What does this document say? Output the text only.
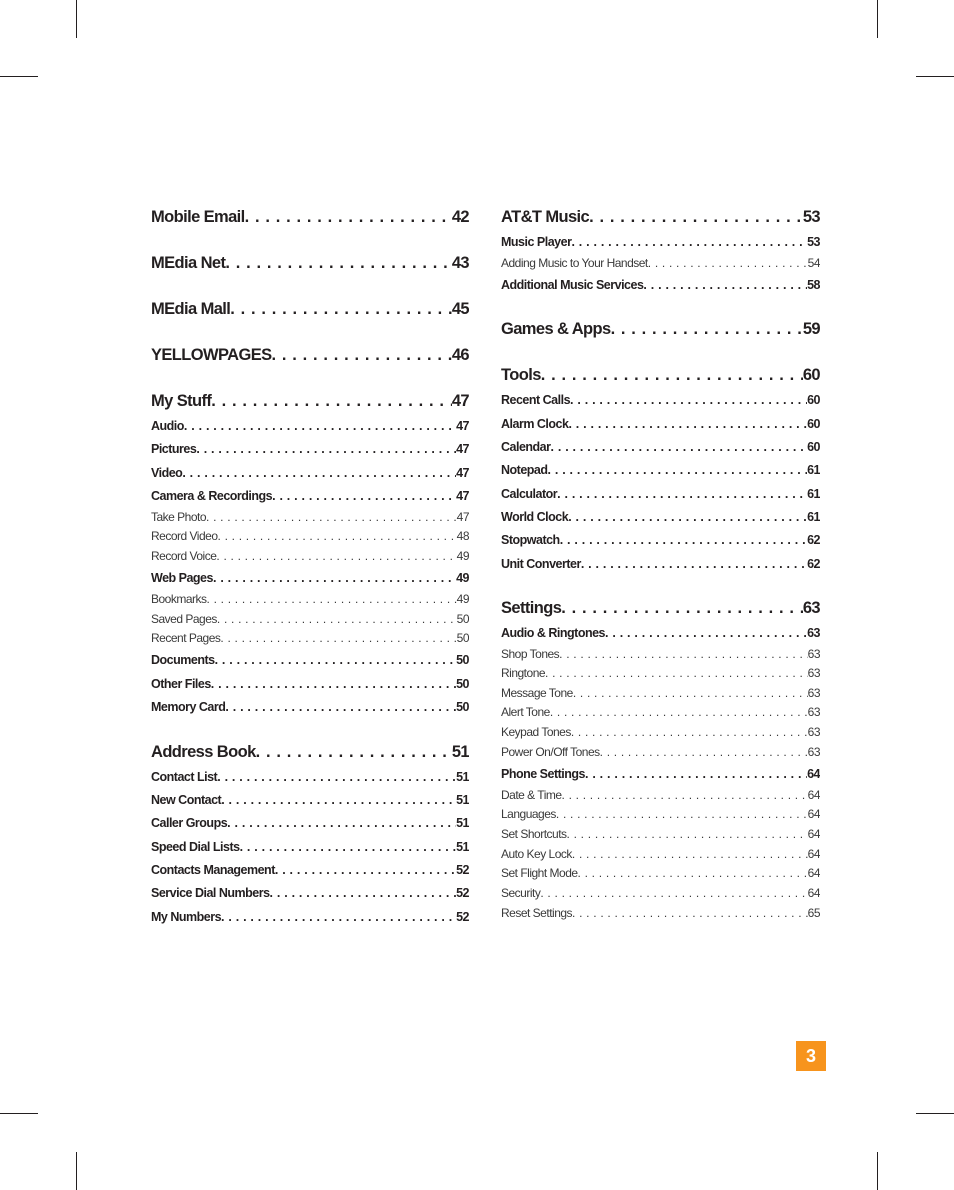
Mobile Email . . .	42
MEdia Net . . .	43
MEdia Mall . . .	45
YELLOWPAGES . . .	46
My Stuff . . .	47
Audio . . .	47
Pictures . . .	47
Video . . .	47
Camera & Recordings . . .	47
Take Photo . . .	47
Record Video . . .	48
Record Voice . . .	49
Web Pages . . .	49
Bookmarks . . .	49
Saved Pages . . .	50
Recent Pages . . .	50
Documents . . .	50
Other Files . . .	50
Memory Card . . .	50
Address Book . . .	51
Contact List . . .	51
New Contact . . .	51
Caller Groups . . .	51
Speed Dial Lists . . .	51
Contacts Management . . .	52
Service Dial Numbers . . .	52
My Numbers . . .	52
AT&T Music . . .	53
Music Player . . .	53
Adding Music to Your Handset . . .	54
Additional Music Services . . .	58
Games & Apps . . .	59
Tools . . .	60
Recent Calls . . .	60
Alarm Clock . . .	60
Calendar . . .	60
Notepad . . .	61
Calculator . . .	61
World Clock . . .	61
Stopwatch . . .	62
Unit Converter . . .	62
Settings . . .	63
Audio & Ringtones . . .	63
Shop Tones . . .	63
Ringtone . . .	63
Message Tone . . .	63
Alert Tone . . .	63
Keypad Tones . . .	63
Power On/Off Tones . . .	63
Phone Settings . . .	64
Date & Time . . .	64
Languages . . .	64
Set Shortcuts . . .	64
Auto Key Lock . . .	64
Set Flight Mode . . .	64
Security . . .	64
Reset Settings . . .	65
3
